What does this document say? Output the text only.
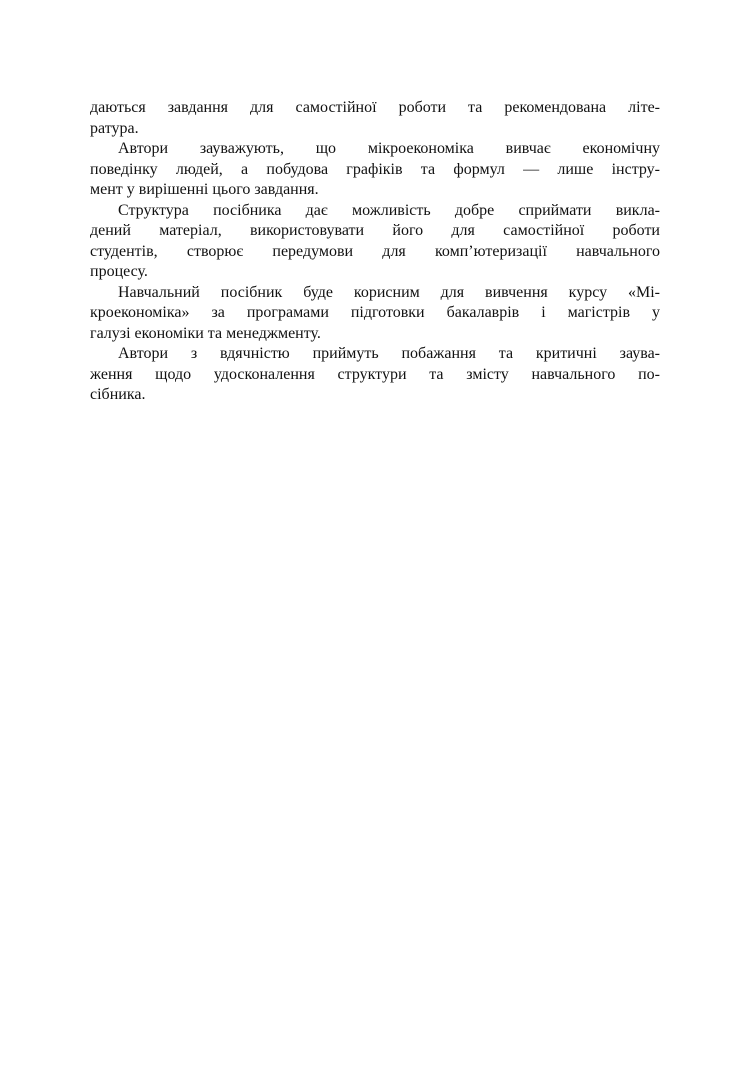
даються завдання для самостійної роботи та рекомендована літе-
ратура.
Автори зауважують, що мікроекономіка вивчає економічну
поведінку людей, а побудова графіків та формул — лише інстру-
мент у вирішенні цього завдання.
Структура посібника дає можливість добре сприймати викла-
дений матеріал, використовувати його для самостійної роботи
студентів, створює передумови для комп’ютеризації навчального
процесу.
Навчальний посібник буде корисним для вивчення курсу «Мі-
кроекономіка» за програмами підготовки бакалаврів і магістрів у
галузі економіки та менеджменту.
Автори з вдячністю приймуть побажання та критичні заува-
ження щодо удосконалення структури та змісту навчального по-
сібника.
